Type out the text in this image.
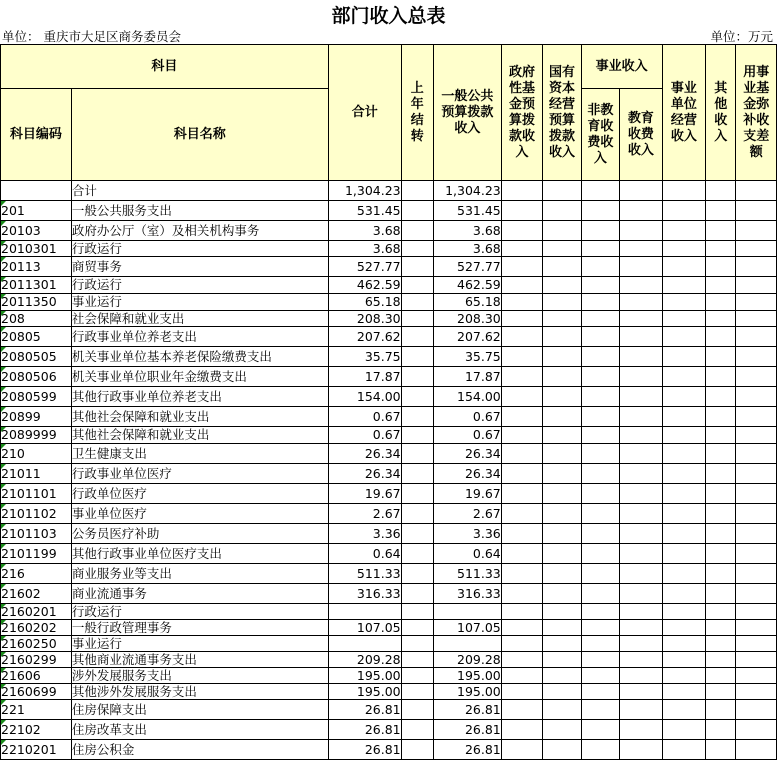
部门收入总表
单位： 重庆市大足区商务委员会	单位：万元
科目		合计	上年结转	一般公共预算拨款收入	政府性基金预算拨款收入	国有资本经营预算拨款收入	事业收入		事业单位经营收入	其他收入	用事业基金弥补收支差额
科目编码	科目名称						非教育收费收入	教育收费收入			

	合计	1,304.23		1,304.23							
201	一般公共服务支出	531.45		531.45							
20103	政府办公厅（室）及相关机构事务	3.68		3.68							
2010301	行政运行	3.68		3.68							
20113	商贸事务	527.77		527.77							
2011301	行政运行	462.59		462.59							
2011350	事业运行	65.18		65.18							
208	社会保障和就业支出	208.30		208.30							
20805	行政事业单位养老支出	207.62		207.62							
2080505	机关事业单位基本养老保险缴费支出	35.75		35.75							
2080506	机关事业单位职业年金缴费支出	17.87		17.87							
2080599	其他行政事业单位养老支出	154.00		154.00							
20899	其他社会保障和就业支出	0.67		0.67							
2089999	其他社会保障和就业支出	0.67		0.67							
210	卫生健康支出	26.34		26.34							
21011	行政事业单位医疗	26.34		26.34							
2101101	行政单位医疗	19.67		19.67							
2101102	事业单位医疗	2.67		2.67							
2101103	公务员医疗补助	3.36		3.36							
2101199	其他行政事业单位医疗支出	0.64		0.64							
216	商业服务业等支出	511.33		511.33							
21602	商业流通事务	316.33		316.33							
2160201	行政运行										
2160202	一般行政管理事务	107.05		107.05							
2160250	事业运行										
2160299	其他商业流通事务支出	209.28		209.28							
21606	涉外发展服务支出	195.00		195.00							
2160699	其他涉外发展服务支出	195.00		195.00							
221	住房保障支出	26.81		26.81							
22102	住房改革支出	26.81		26.81							
2210201	住房公积金	26.81		26.81							
